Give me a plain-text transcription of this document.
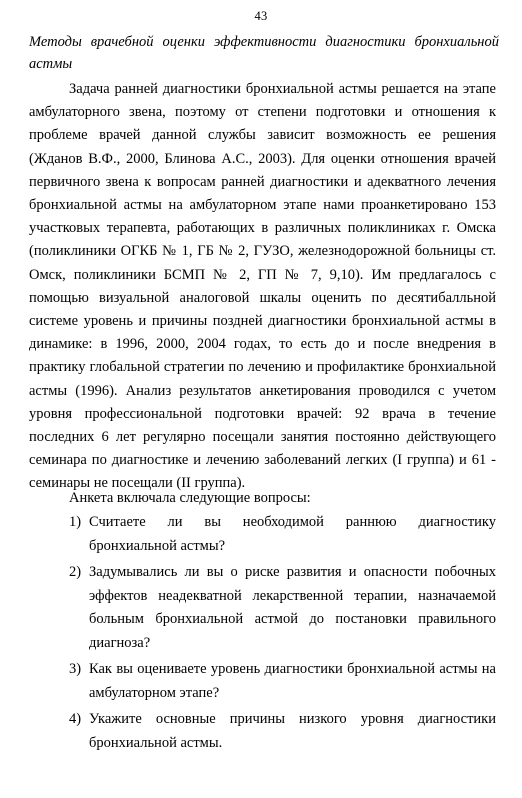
43
Методы врачебной оценки эффективности диагностики бронхиальной астмы

Задача ранней диагностики бронхиальной астмы решается на этапе амбулаторного звена, поэтому от степени подготовки и отношения к проблеме врачей данной службы зависит возможность ее решения (Жданов В.Ф., 2000, Блинова А.С., 2003). Для оценки отношения врачей первичного звена к вопросам ранней диагностики и адекватного лечения бронхиальной астмы на амбулаторном этапе нами проанкетировано 153 участковых терапевта, работающих в различных поликлиниках г. Омска (поликлиники ОГКБ № 1, ГБ № 2, ГУЗО, железнодорожной больницы ст. Омск, поликлиники БСМП № 2, ГП № 7, 9,10). Им предлагалось с помощью визуальной аналоговой шкалы оценить по десятибалльной системе уровень и причины поздней диагностики бронхиальной астмы в динамике: в 1996, 2000, 2004 годах, то есть до и после внедрения в практику глобальной стратегии по лечению и профилактике бронхиальной астмы (1996). Анализ результатов анкетирования проводился с учетом уровня профессиональной подготовки врачей: 92 врача в течение последних 6 лет регулярно посещали занятия постоянно действующего семинара по диагностике и лечению заболеваний легких (I группа) и 61 - семинары не посещали (II группа).

Анкета включала следующие вопросы:
1) Считаете ли вы необходимой раннюю диагностику бронхиальной астмы?
2) Задумывались ли вы о риске развития и опасности побочных эффектов неадекватной лекарственной терапии, назначаемой больным бронхиальной астмой до постановки правильного диагноза?
3) Как вы оцениваете уровень диагностики бронхиальной астмы на амбулаторном этапе?
4) Укажите основные причины низкого уровня диагностики бронхиальной астмы.
